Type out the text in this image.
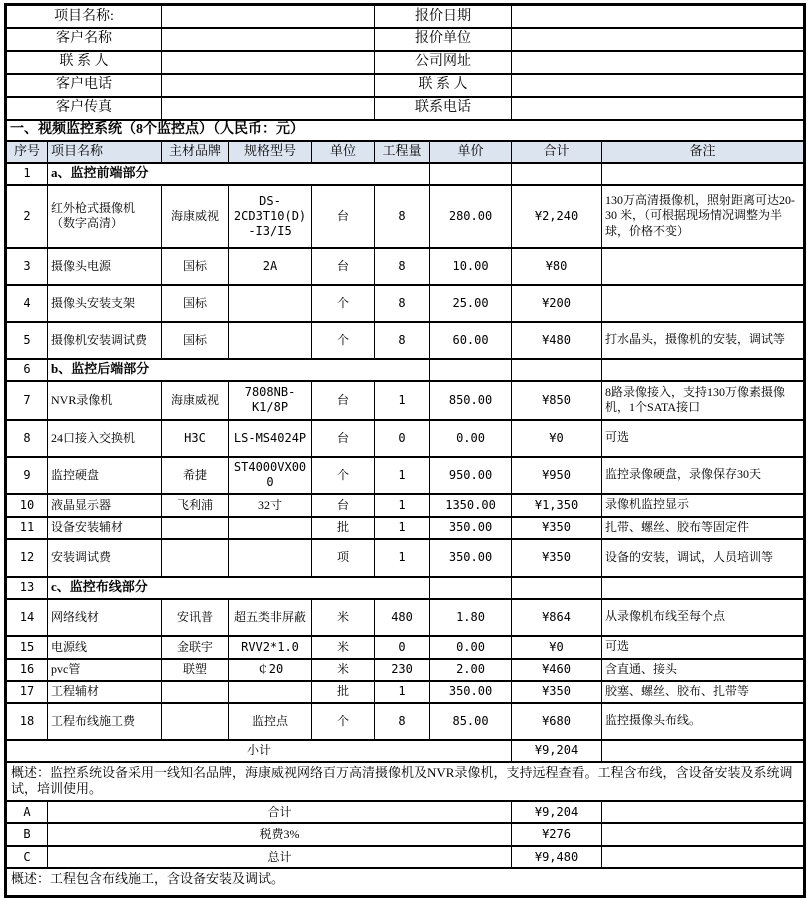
项目名称:					报价日期			
客户名称					报价单位			
联 系 人					公司网址			
客户电话					联 系 人			
客户传真					联系电话			
一、视频监控系统（8个监控点）（人民币：元）								
序号	项目名称	主材品牌	规格型号	单位	工程量	单价	合计	备注
1	a、监控前端部分							
2	红外枪式摄像机（数字高清）	海康威视	DS-2CD3T10(D)-I3/I5	台	8	280.00	¥2,240	130万高清摄像机，照射距离可达20-30 米，（可根据现场情况调整为半球，价格不变）
3	摄像头电源	国标	2A	台	8	10.00	¥80	
4	摄像头安装支架	国标		个	8	25.00	¥200	
5	摄像机安装调试费	国标		个	8	60.00	¥480	打水晶头，摄像机的安装，调试等
6	b、监控后端部分							
7	NVR录像机	海康威视	7808NB-K1/8P	台	1	850.00	¥850	8路录像接入，支持130万像素摄像机，1个SATA接口
8	24口接入交换机	H3C	LS-MS4024P	台	0	0.00	¥0	可选
9	监控硬盘	希捷	ST4000VX000	个	1	950.00	¥950	监控录像硬盘，录像保存30天
10	液晶显示器	飞利浦	32寸	台	1	1350.00	¥1,350	录像机监控显示
11	设备安装辅材			批	1	350.00	¥350	扎带、螺丝、胶布等固定件
12	安装调试费			项	1	350.00	¥350	设备的安装，调试，人员培训等
13	c、监控布线部分							
14	网络线材	安讯普	超五类非屏蔽	米	480	1.80	¥864	从录像机布线至每个点
15	电源线	金联宇	RVV2*1.0	米	0	0.00	¥0	可选
16	pvc管	联塑	￠20	米	230	2.00	¥460	含直通、接头
17	工程辅材			批	1	350.00	¥350	胶塞、螺丝、胶布、扎带等
18	工程布线施工费		监控点	个	8	85.00	¥680	监控摄像头布线。
小计							¥9,204	
概述：监控系统设备采用一线知名品牌，海康威视网络百万高清摄像机及NVR录像机，支持远程查看。工程含布线，含设备安装及系统调试，培训使用。								
A	合计						¥9,204	
B	税费3%						¥276	
C	总计						¥9,480	
概述：工程包含布线施工，含设备安装及调试。								
